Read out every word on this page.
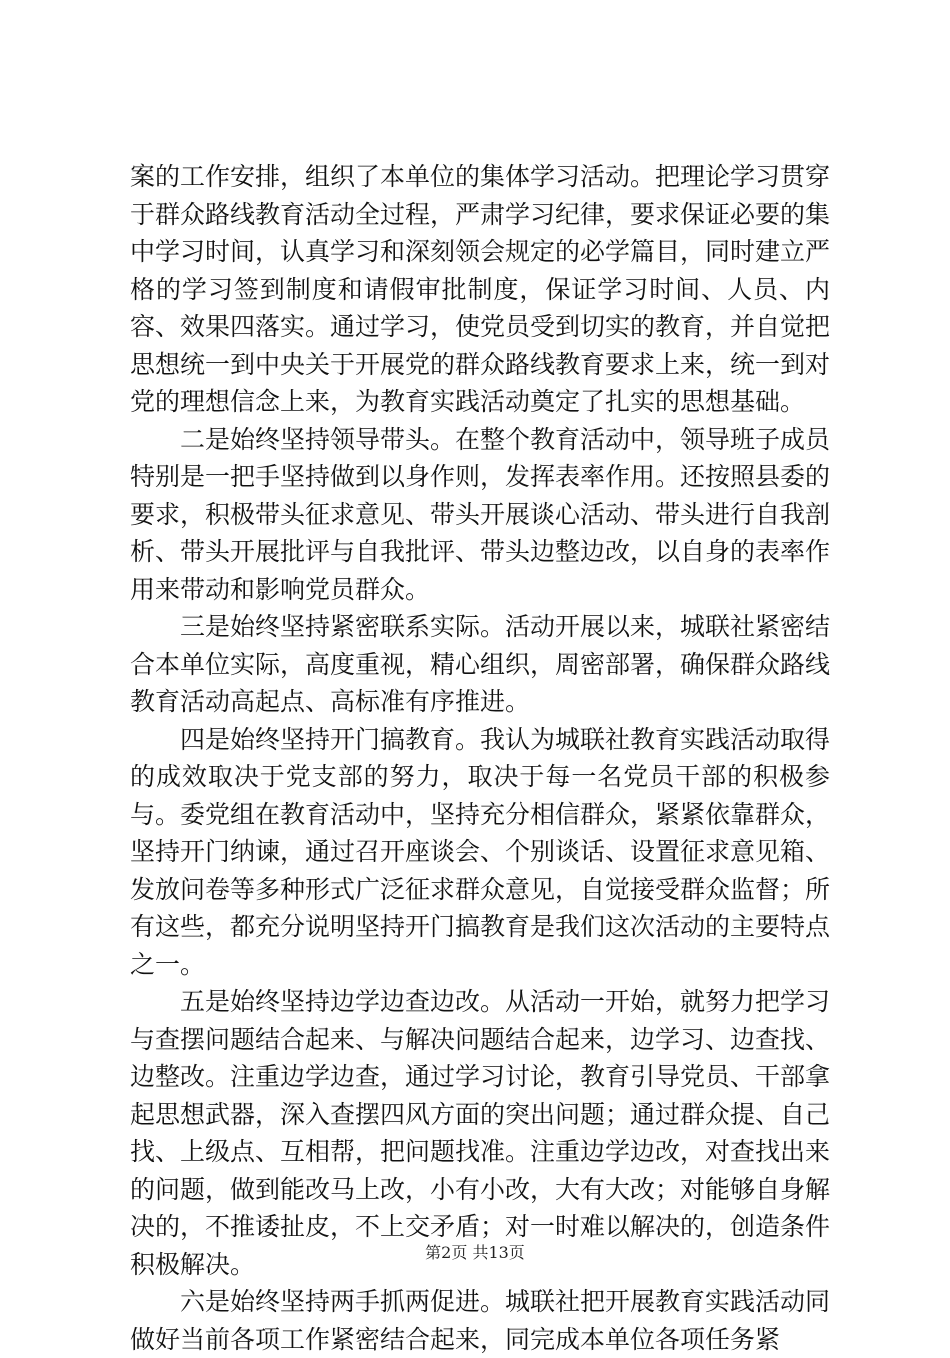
案的工作安排，组织了本单位的集体学习活动。把理论学习贯穿于群众路线教育活动全过程，严肃学习纪律，要求保证必要的集中学习时间，认真学习和深刻领会规定的必学篇目，同时建立严格的学习签到制度和请假审批制度，保证学习时间、人员、内容、效果四落实。通过学习，使党员受到切实的教育，并自觉把思想统一到中央关于开展党的群众路线教育要求上来，统一到对党的理想信念上来，为教育实践活动奠定了扎实的思想基础。

二是始终坚持领导带头。在整个教育活动中，领导班子成员特别是一把手坚持做到以身作则，发挥表率作用。还按照县委的要求，积极带头征求意见、带头开展谈心活动、带头进行自我剖析、带头开展批评与自我批评、带头边整边改，以自身的表率作用来带动和影响党员群众。

三是始终坚持紧密联系实际。活动开展以来，城联社紧密结合本单位实际，高度重视，精心组织，周密部署，确保群众路线教育活动高起点、高标准有序推进。

四是始终坚持开门搞教育。我认为城联社教育实践活动取得的成效取决于党支部的努力，取决于每一名党员干部的积极参与。委党组在教育活动中，坚持充分相信群众，紧紧依靠群众，坚持开门纳谏，通过召开座谈会、个别谈话、设置征求意见箱、发放问卷等多种形式广泛征求群众意见，自觉接受群众监督；所有这些，都充分说明坚持开门搞教育是我们这次活动的主要特点之一。

五是始终坚持边学边查边改。从活动一开始，就努力把学习与查摆问题结合起来、与解决问题结合起来，边学习、边查找、边整改。注重边学边查，通过学习讨论，教育引导党员、干部拿起思想武器，深入查摆四风方面的突出问题；通过群众提、自己找、上级点、互相帮，把问题找准。注重边学边改，对查找出来的问题，做到能改马上改，小有小改，大有大改；对能够自身解决的，不推诿扯皮，不上交矛盾；对一时难以解决的，创造条件积极解决。

六是始终坚持两手抓两促进。城联社把开展教育实践活动同做好当前各项工作紧密结合起来，同完成本单位各项任务紧

第2页 共13页
